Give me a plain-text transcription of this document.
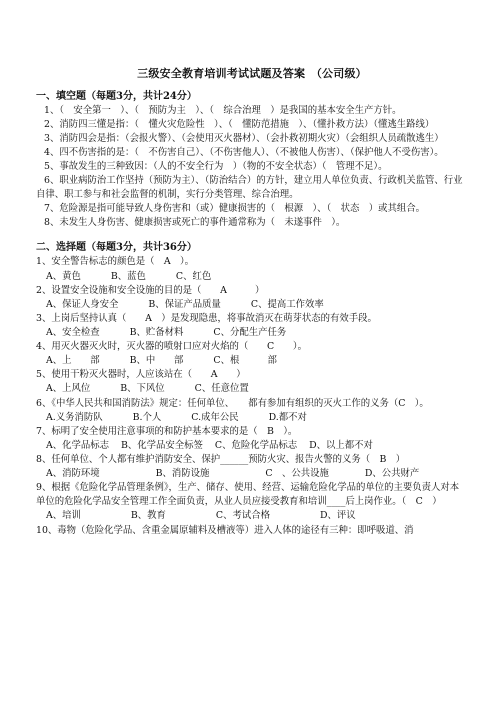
三级安全教育培训考试试题及答案　（公司级）
一、填空题（每题3分，共计24分）
1、（　安全第一　）、（　预防为主　）、（　综合治理　）是我国的基本安全生产方针。
2、消防四三懂是指：（　懂火灾危险性　）、（　懂防范措施　）、（懂扑救方法）（懂逃生路线）
3、消防四会是指：（会报火警）、（会使用灭火器材）、（会扑救初期火灾）（会组织人员疏散逃生）
4、四不伤害指的是：（　不伤害自己）、（不伤害他人）、（不被他人伤害）、（保护他人不受伤害）。
5、事故发生的三种致因：（人的不安全行为　）（物的不安全状态）（　管理不足）。
6、职业病防治工作坚持（预防为主）、（防治结合）的方针，建立用人单位负责、行政机关监管、行业自律、职工参与和社会监督的机制，实行分类管理、综合治理。
7、危险源是指可能导致人身伤害和（或）健康损害的（　根源　）、（　状态　）或其组合。
8、未发生人身伤害、健康损害或死亡的事件通常称为（　未遂事件　）。
二、选择题（每题3分，共计36分）
1、安全警告标志的颜色是（　A　）。
A、黄色	B、蓝色	C、红色
2、设置安全设施和安全设施的目的是（　　A　　　）
A、保证人身安全	B、保证产品质量	C、提高工作效率
3、上岗后坚持认真（　　A　）是发现隐患，将事故消灭在萌芽状态的有效手段。
A、安全检查	B、贮备材料	C、分配生产任务
4、用灭火器灭火时，灭火器的喷射口应对火焰的（　　C　　）。
A、上　　部	B、中　　部	C、根　　　部
5、使用干粉灭火器时，人应该站在（　　A　　）
A、上风位	B、下风位	C、任意位置
6、《中华人民共和国消防法》规定：任何单位、　　都有参加有组织的灭火工作的义务（C　）。
A.义务消防队	B.个人	C.成年公民	D.都不对
7、标明了安全使用注意事项的和防护基本要求的是（　B　）。
A、化学品标志 B、化学品安全标签 C、危险化学品标志 D、以上都不对
8、任何单位、个人都有维护消防安全、保护______预防火灾、报告火警的义务（　B　）
A、消防环境	B、消防设施	C　、公共设施	D、公共财产
9、根据《危险化学品管理条例》，生产、储存、使用、经营、运输危险化学品的单位的主要负责人对本单位的危险化学品安全管理工作全面负责，从业人员应接受教育和培训____后上岗作业。（　C　）
A、培训	B、教育	C、考试合格	D、评议
10、毒物（危险化学品、含重金属原辅料及槽液等）进入人体的途径有三种：即呼吸道、消
